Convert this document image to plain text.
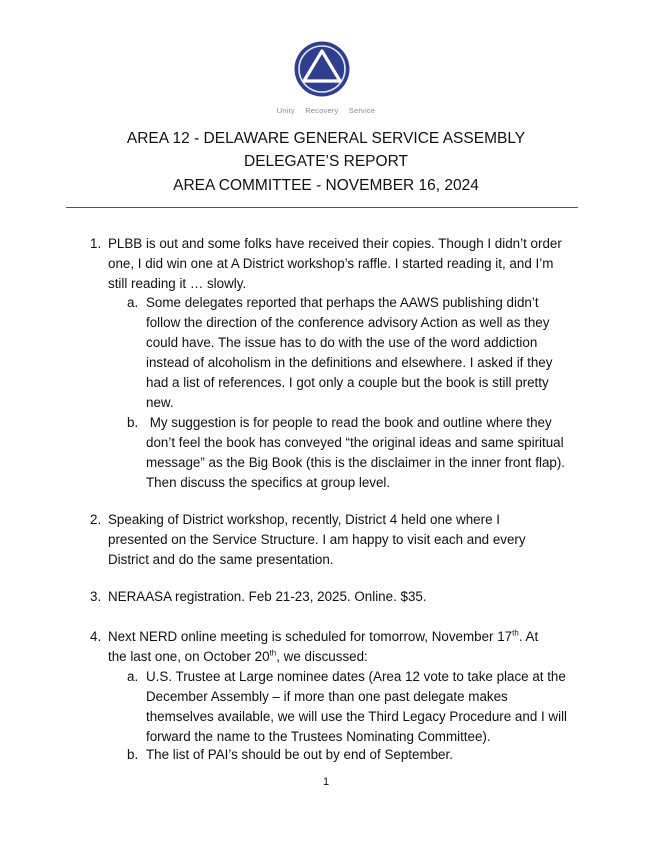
Unity Recovery Service
AREA 12 - DELAWARE GENERAL SERVICE ASSEMBLY
DELEGATE’S REPORT
AREA COMMITTEE - NOVEMBER 16, 2024
1. PLBB is out and some folks have received their copies. Though I didn’t order
one, I did win one at A District workshop’s raffle. I started reading it, and I’m
still reading it … slowly.
a. Some delegates reported that perhaps the AAWS publishing didn’t
follow the direction of the conference advisory Action as well as they
could have. The issue has to do with the use of the word addiction
instead of alcoholism in the definitions and elsewhere. I asked if they
had a list of references. I got only a couple but the book is still pretty
new.
b. My suggestion is for people to read the book and outline where they
don’t feel the book has conveyed “the original ideas and same spiritual
message” as the Big Book (this is the disclaimer in the inner front flap).
Then discuss the specifics at group level.
2. Speaking of District workshop, recently, District 4 held one where I
presented on the Service Structure. I am happy to visit each and every
District and do the same presentation.
3. NERAASA registration. Feb 21-23, 2025. Online. $35.
4. Next NERD online meeting is scheduled for tomorrow, November 17th. At
the last one, on October 20th, we discussed:
a. U.S. Trustee at Large nominee dates (Area 12 vote to take place at the
December Assembly – if more than one past delegate makes
themselves available, we will use the Third Legacy Procedure and I will
forward the name to the Trustees Nominating Committee).
b. The list of PAI’s should be out by end of September.
1
